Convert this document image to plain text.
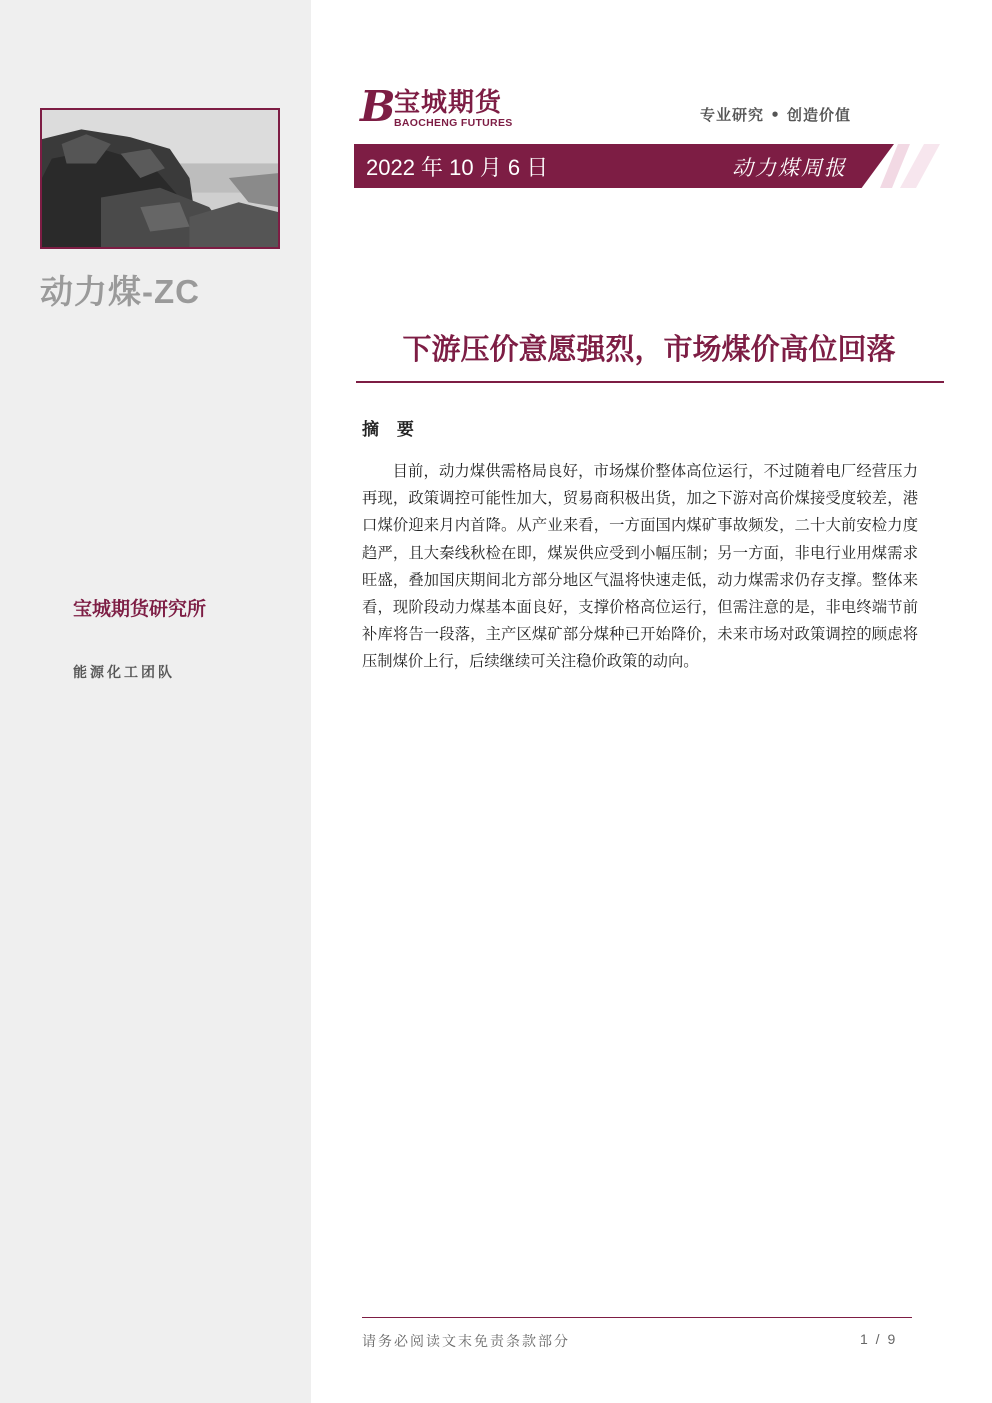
动力煤-ZC
宝城期货研究所
能源化工团队
B
宝城期货
BAOCHENG FUTURES	专业研究 • 创造价值
2022 年 10 月 6 日	动力煤周报
下游压价意愿强烈，市场煤价高位回落
摘 要
目前，动力煤供需格局良好，市场煤价整体高位运行，不过随着电厂经营压力再现，政策调控可能性加大，贸易商积极出货，加之下游对高价煤接受度较差，港口煤价迎来月内首降。从产业来看，一方面国内煤矿事故频发，二十大前安检力度趋严，且大秦线秋检在即，煤炭供应受到小幅压制；另一方面，非电行业用煤需求旺盛，叠加国庆期间北方部分地区气温将快速走低，动力煤需求仍存支撑。整体来看，现阶段动力煤基本面良好，支撑价格高位运行，但需注意的是，非电终端节前补库将告一段落，主产区煤矿部分煤种已开始降价，未来市场对政策调控的顾虑将压制煤价上行，后续继续可关注稳价政策的动向。
请务必阅读文末免责条款部分	1 / 9
